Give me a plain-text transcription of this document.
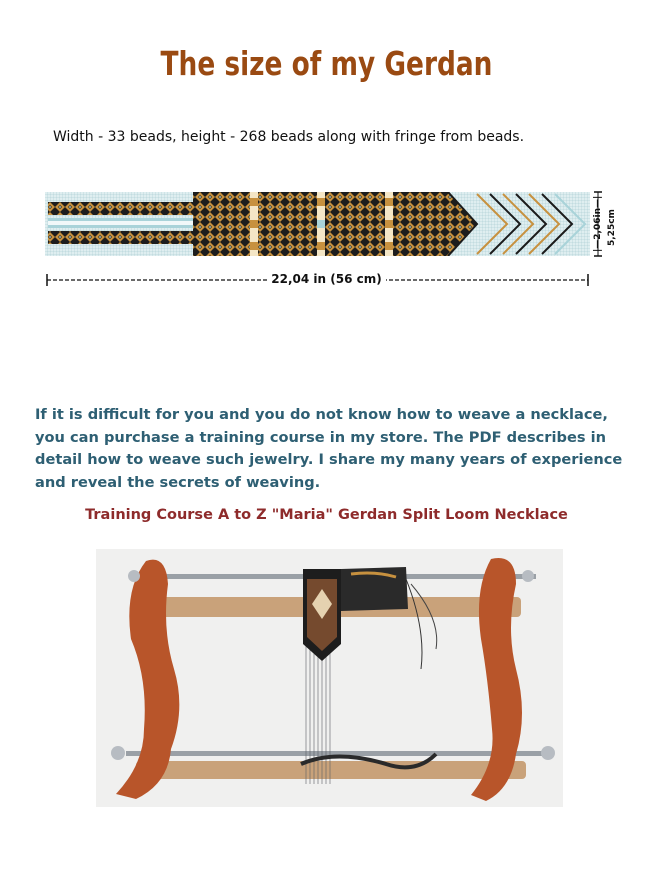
The size of my Gerdan
Width - 33 beads, height - 268 beads along with fringe from beads.
|—2,06in—| 5,25cm
22,04 in (56 cm)
If it is difficult for you and you do not know how to weave a necklace, you can purchase a training course in my store. The PDF describes in detail how to weave such jewelry. I share my many years of experience and reveal the secrets of weaving.
Training Course A to Z "Maria" Gerdan Split Loom Necklace
